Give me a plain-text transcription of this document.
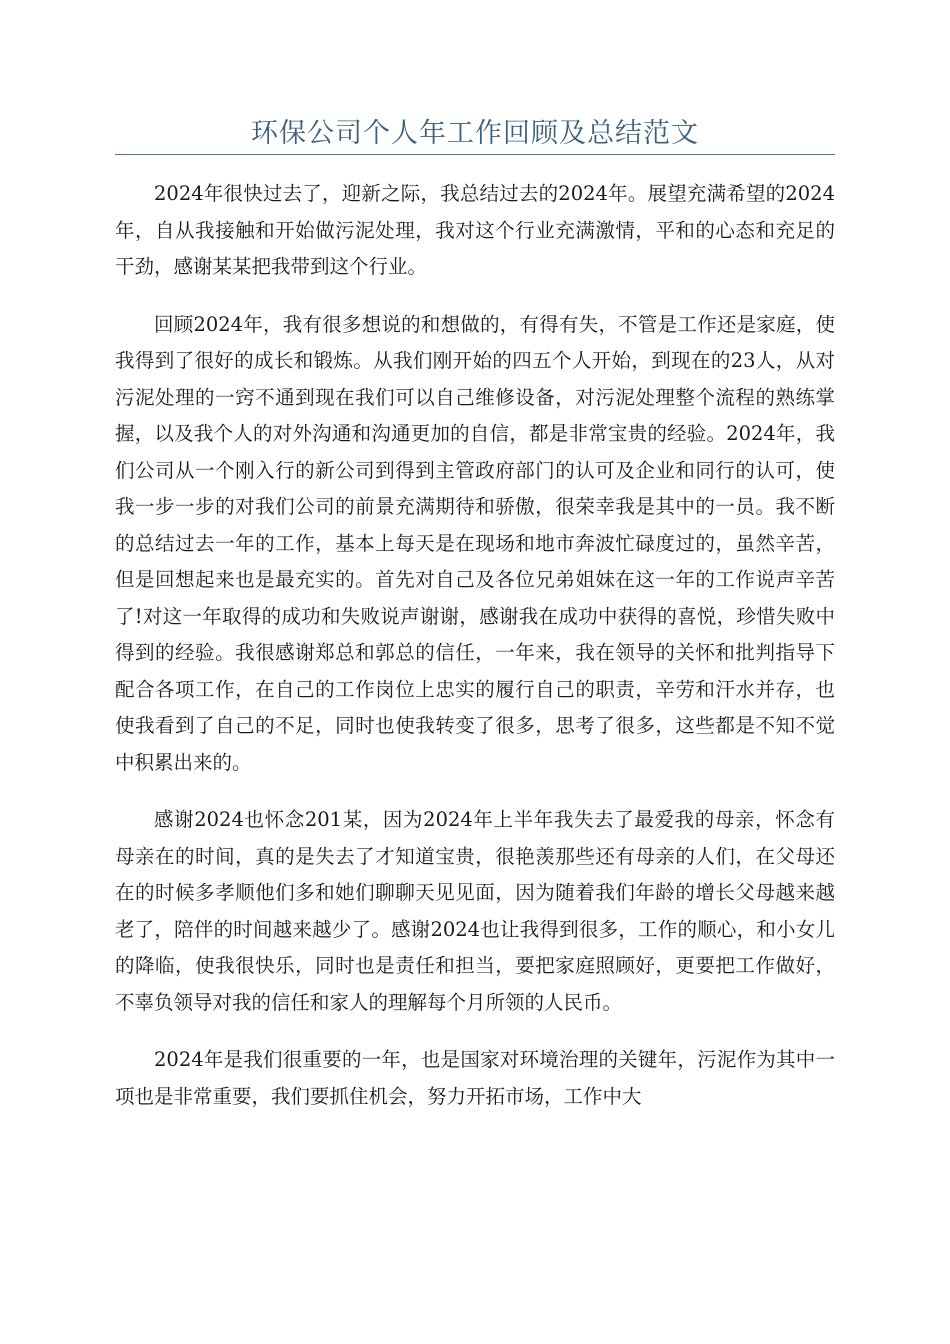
环保公司个人年工作回顾及总结范文

2024年很快过去了，迎新之际，我总结过去的2024年。展望充满希望的2024年，自从我接触和开始做污泥处理，我对这个行业充满激情，平和的心态和充足的干劲，感谢某某把我带到这个行业。

回顾2024年，我有很多想说的和想做的，有得有失，不管是工作还是家庭，使我得到了很好的成长和锻炼。从我们刚开始的四五个人开始，到现在的23人，从对污泥处理的一窍不通到现在我们可以自己维修设备，对污泥处理整个流程的熟练掌握，以及我个人的对外沟通和沟通更加的自信，都是非常宝贵的经验。2024年，我们公司从一个刚入行的新公司到得到主管政府部门的认可及企业和同行的认可，使我一步一步的对我们公司的前景充满期待和骄傲，很荣幸我是其中的一员。我不断的总结过去一年的工作，基本上每天是在现场和地市奔波忙碌度过的，虽然辛苦，但是回想起来也是最充实的。首先对自己及各位兄弟姐妹在这一年的工作说声辛苦了!对这一年取得的成功和失败说声谢谢，感谢我在成功中获得的喜悦，珍惜失败中得到的经验。我很感谢郑总和郭总的信任，一年来，我在领导的关怀和批判指导下配合各项工作，在自己的工作岗位上忠实的履行自己的职责，辛劳和汗水并存，也使我看到了自己的不足，同时也使我转变了很多，思考了很多，这些都是不知不觉中积累出来的。

感谢2024也怀念201某，因为2024年上半年我失去了最爱我的母亲，怀念有母亲在的时间，真的是失去了才知道宝贵，很艳羡那些还有母亲的人们，在父母还在的时候多孝顺他们多和她们聊聊天见见面，因为随着我们年龄的增长父母越来越老了，陪伴的时间越来越少了。感谢2024也让我得到很多，工作的顺心，和小女儿的降临，使我很快乐，同时也是责任和担当，要把家庭照顾好，更要把工作做好，不辜负领导对我的信任和家人的理解每个月所领的人民币。

2024年是我们很重要的一年，也是国家对环境治理的关键年，污泥作为其中一项也是非常重要，我们要抓住机会，努力开拓市场，工作中大
